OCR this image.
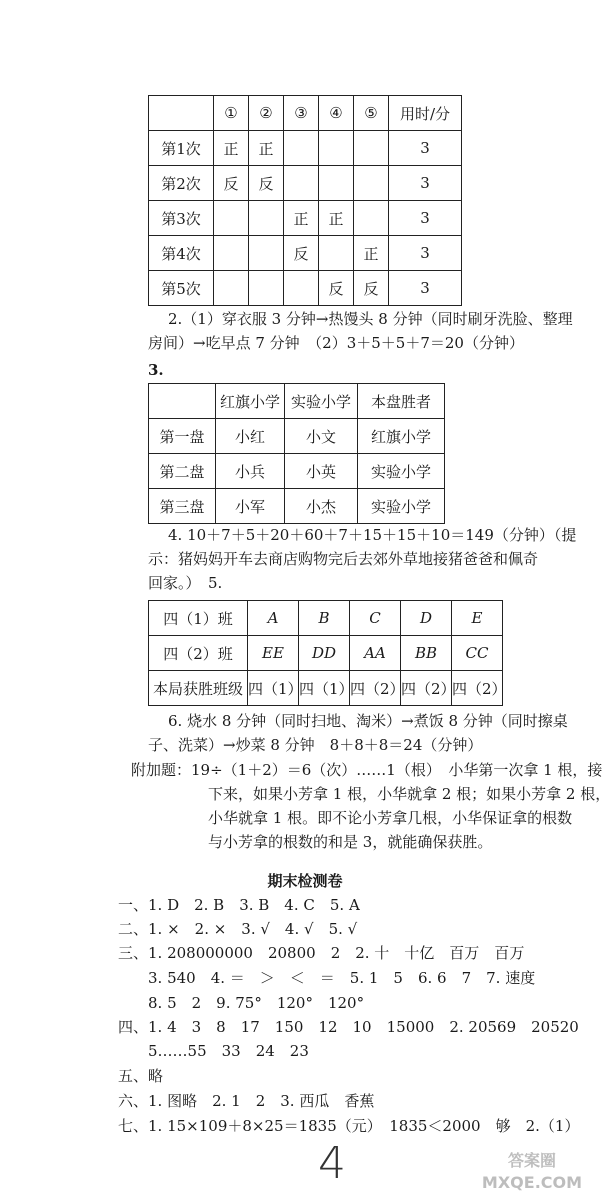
	①	②	③	④	⑤	用时/分
第1次	正	正				3
第2次	反	反				3
第3次			正	正		3
第4次			反		正	3
第5次				反	反	3
2.（1）穿衣服 3 分钟→热馒头 8 分钟（同时刷牙洗脸、整理
房间）→吃早点 7 分钟　（2）3＋5＋5＋7＝20（分钟）
3.
	红旗小学	实验小学	本盘胜者
第一盘	小红	小文	红旗小学
第二盘	小兵	小英	实验小学
第三盘	小军	小杰	实验小学
4. 10＋7＋5＋20＋60＋7＋15＋15＋10＝149（分钟）（提
示：猪妈妈开车去商店购物完后去郊外草地接猪爸爸和佩奇
回家。）　5.
四（1）班	A	B	C	D	E
四（2）班	EE	DD	AA	BB	CC
本局获胜班级	四（1）	四（1）	四（2）	四（2）	四（2）
6. 烧水 8 分钟（同时扫地、淘米）→煮饭 8 分钟（同时擦桌
子、洗菜）→炒菜 8 分钟　8＋8＋8＝24（分钟）
附加题：19÷（1＋2）＝6（次）……1（根）　小华第一次拿 1 根，接
下来，如果小芳拿 1 根，小华就拿 2 根；如果小芳拿 2 根，
小华就拿 1 根。即不论小芳拿几根，小华保证拿的根数
与小芳拿的根数的和是 3，就能确保获胜。
期末检测卷
一、1. D　2. B　3. B　4. C　5. A
二、1. ×　2. ×　3. √　4. √　5. √
三、1. 208000000　20800　2　2. 十　十亿　百万　百万
3. 540　4. ＝　＞　＜　＝　5. 1　5　6. 6　7　7. 速度
8. 5　2　9. 75°　120°　120°
四、1. 4　3　8　17　150　12　10　15000　2. 20569　20520
5……55　33　24　23
五、略
六、1. 图略　2. 1　2　3. 西瓜　香蕉
七、1. 15×109＋8×25＝1835（元）　1835＜2000　够　2.（1）
4	答案圈 MXQE.COM
